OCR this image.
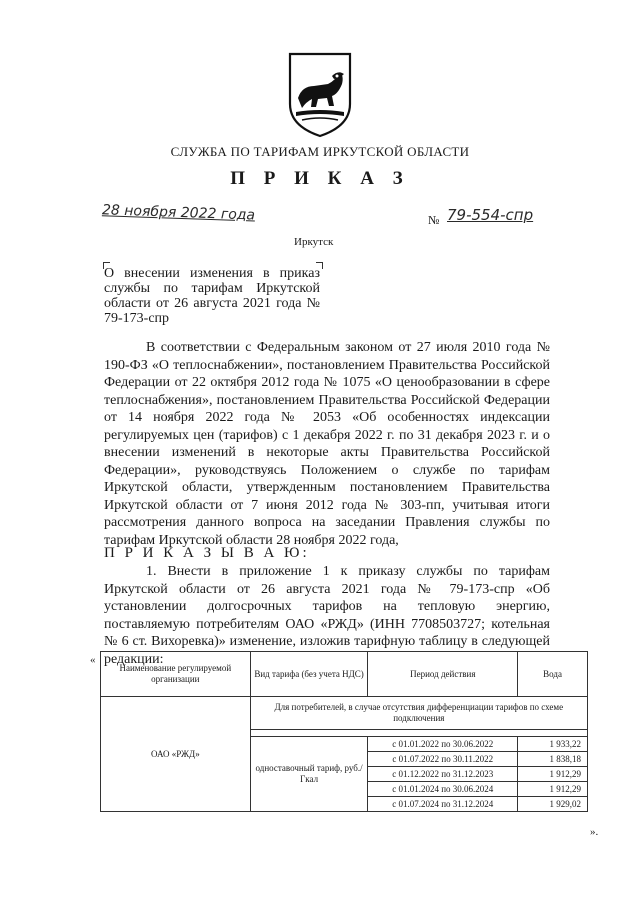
СЛУЖБА ПО ТАРИФАМ ИРКУТСКОЙ ОБЛАСТИ
П Р И К А З
28 ноября 2022 года	№ 79-554-спр
Иркутск
О внесении изменения в приказ службы по тарифам Иркутской области от 26 августа 2021 года № 79-173-спр
В соответствии с Федеральным законом от 27 июля 2010 года № 190-ФЗ «О теплоснабжении», постановлением Правительства Российской Федерации от 22 октября 2012 года № 1075 «О ценообразовании в сфере теплоснабжения», постановлением Правительства Российской Федерации от 14 ноября 2022 года № 2053 «Об особенностях индексации регулируемых цен (тарифов) с 1 декабря 2022 г. по 31 декабря 2023 г. и о внесении изменений в некоторые акты Правительства Российской Федерации», руководствуясь Положением о службе по тарифам Иркутской области, утвержденным постановлением Правительства Иркутской области от 7 июня 2012 года № 303-пп, учитывая итоги рассмотрения данного вопроса на заседании Правления службы по тарифам Иркутской области 28 ноября 2022 года,
П Р И К А З Ы В А Ю:
1. Внести в приложение 1 к приказу службы по тарифам Иркутской области от 26 августа 2021 года № 79-173-спр «Об установлении долгосрочных тарифов на тепловую энергию, поставляемую потребителям ОАО «РЖД» (ИНН 7708503727; котельная № 6 ст. Вихоревка)» изменение, изложив тарифную таблицу в следующей редакции:
«
Наименование регулируемой организации	Вид тарифа (без учета НДС)	Период действия	Вода
ОАО «РЖД»	Для потребителей, в случае отсутствия дифференциации тарифов по схеме подключения		

	одноставочный тариф, руб./Гкал	с 01.01.2022 по 30.06.2022	1 933,22
		с 01.07.2022 по 30.11.2022	1 838,18
		с 01.12.2022 по 31.12.2023	1 912,29
		с 01.01.2024 по 30.06.2024	1 912,29
		с 01.07.2024 по 31.12.2024	1 929,02
».
